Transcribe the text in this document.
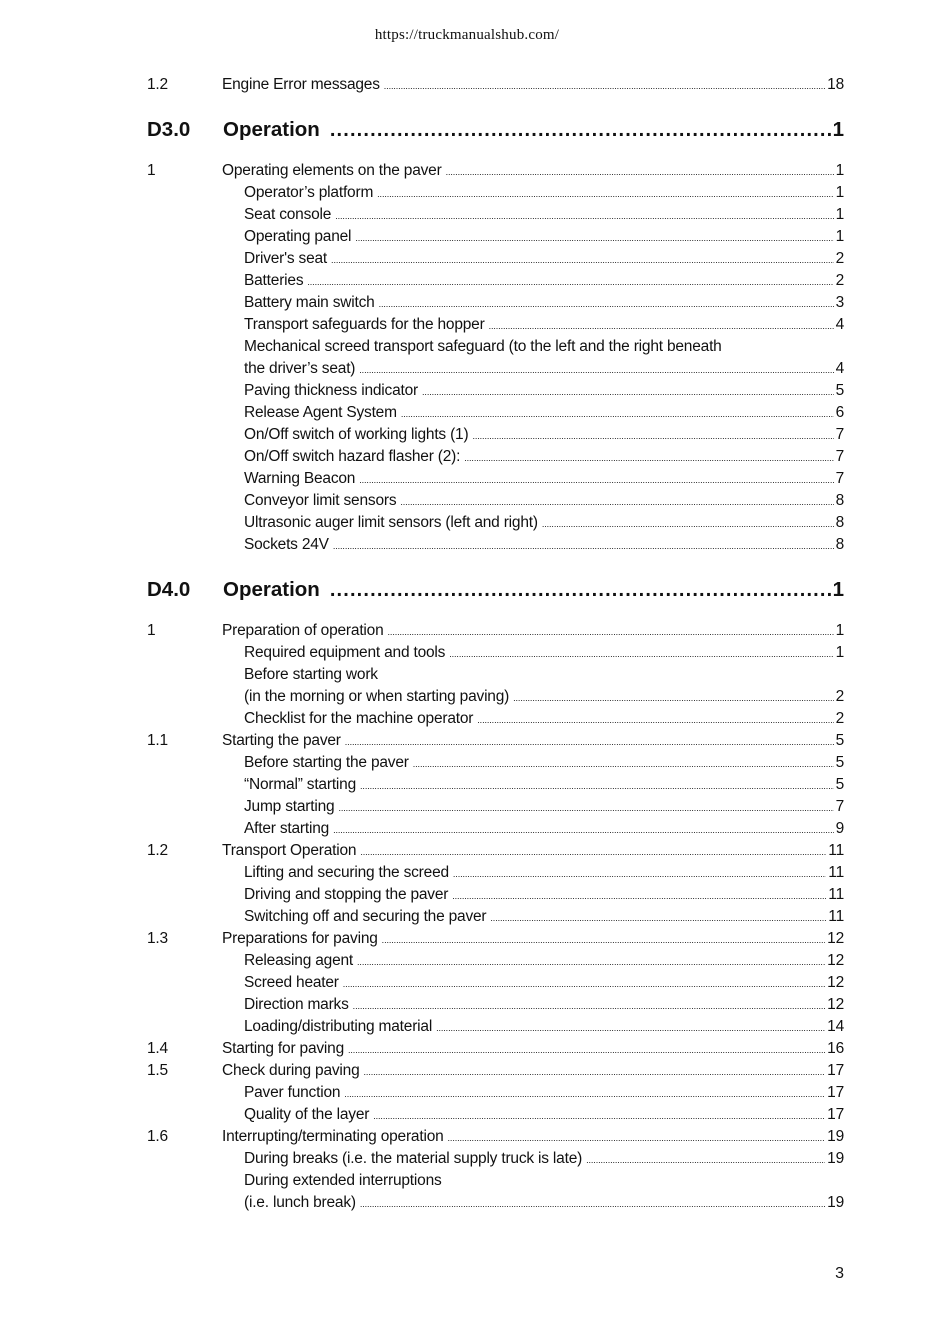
https://truckmanualshub.com/
1.2	Engine Error messages . . .	18
D3.0 Operation . . .	1
1	Operating elements on the paver . . .	1
Operator’s platform . . .	1
Seat console . . .	1
Operating panel . . .	1
Driver's seat . . .	2
Batteries . . .	2
Battery main switch . . .	3
Transport safeguards for the hopper . . .	4
Mechanical screed transport safeguard (to the left and the right beneath
the driver’s seat) . . .	4
Paving thickness indicator . . .	5
Release Agent System . . .	6
On/Off switch of working lights (1) . . .	7
On/Off switch hazard flasher (2): . . .	7
Warning Beacon . . .	7
Conveyor limit sensors . . .	8
Ultrasonic auger limit sensors (left and right) . . .	8
Sockets 24V . . .	8
D4.0 Operation . . .	1
1	Preparation of operation . . .	1
Required equipment and tools . . .	1
Before starting work
(in the morning or when starting paving) . . .	2
Checklist for the machine operator . . .	2
1.1	Starting the paver . . .	5
Before starting the paver . . .	5
“Normal” starting . . .	5
Jump starting . . .	7
After starting . . .	9
1.2	Transport Operation . . .	11
Lifting and securing the screed . . .	11
Driving and stopping the paver . . .	11
Switching off and securing the paver . . .	11
1.3	Preparations for paving . . .	12
Releasing agent . . .	12
Screed heater . . .	12
Direction marks . . .	12
Loading/distributing material . . .	14
1.4	Starting for paving . . .	16
1.5	Check during paving . . .	17
Paver function . . .	17
Quality of the layer . . .	17
1.6	Interrupting/terminating operation . . .	19
During breaks (i.e. the material supply truck is late) . . .	19
During extended interruptions
(i.e. lunch break) . . .	19
3
